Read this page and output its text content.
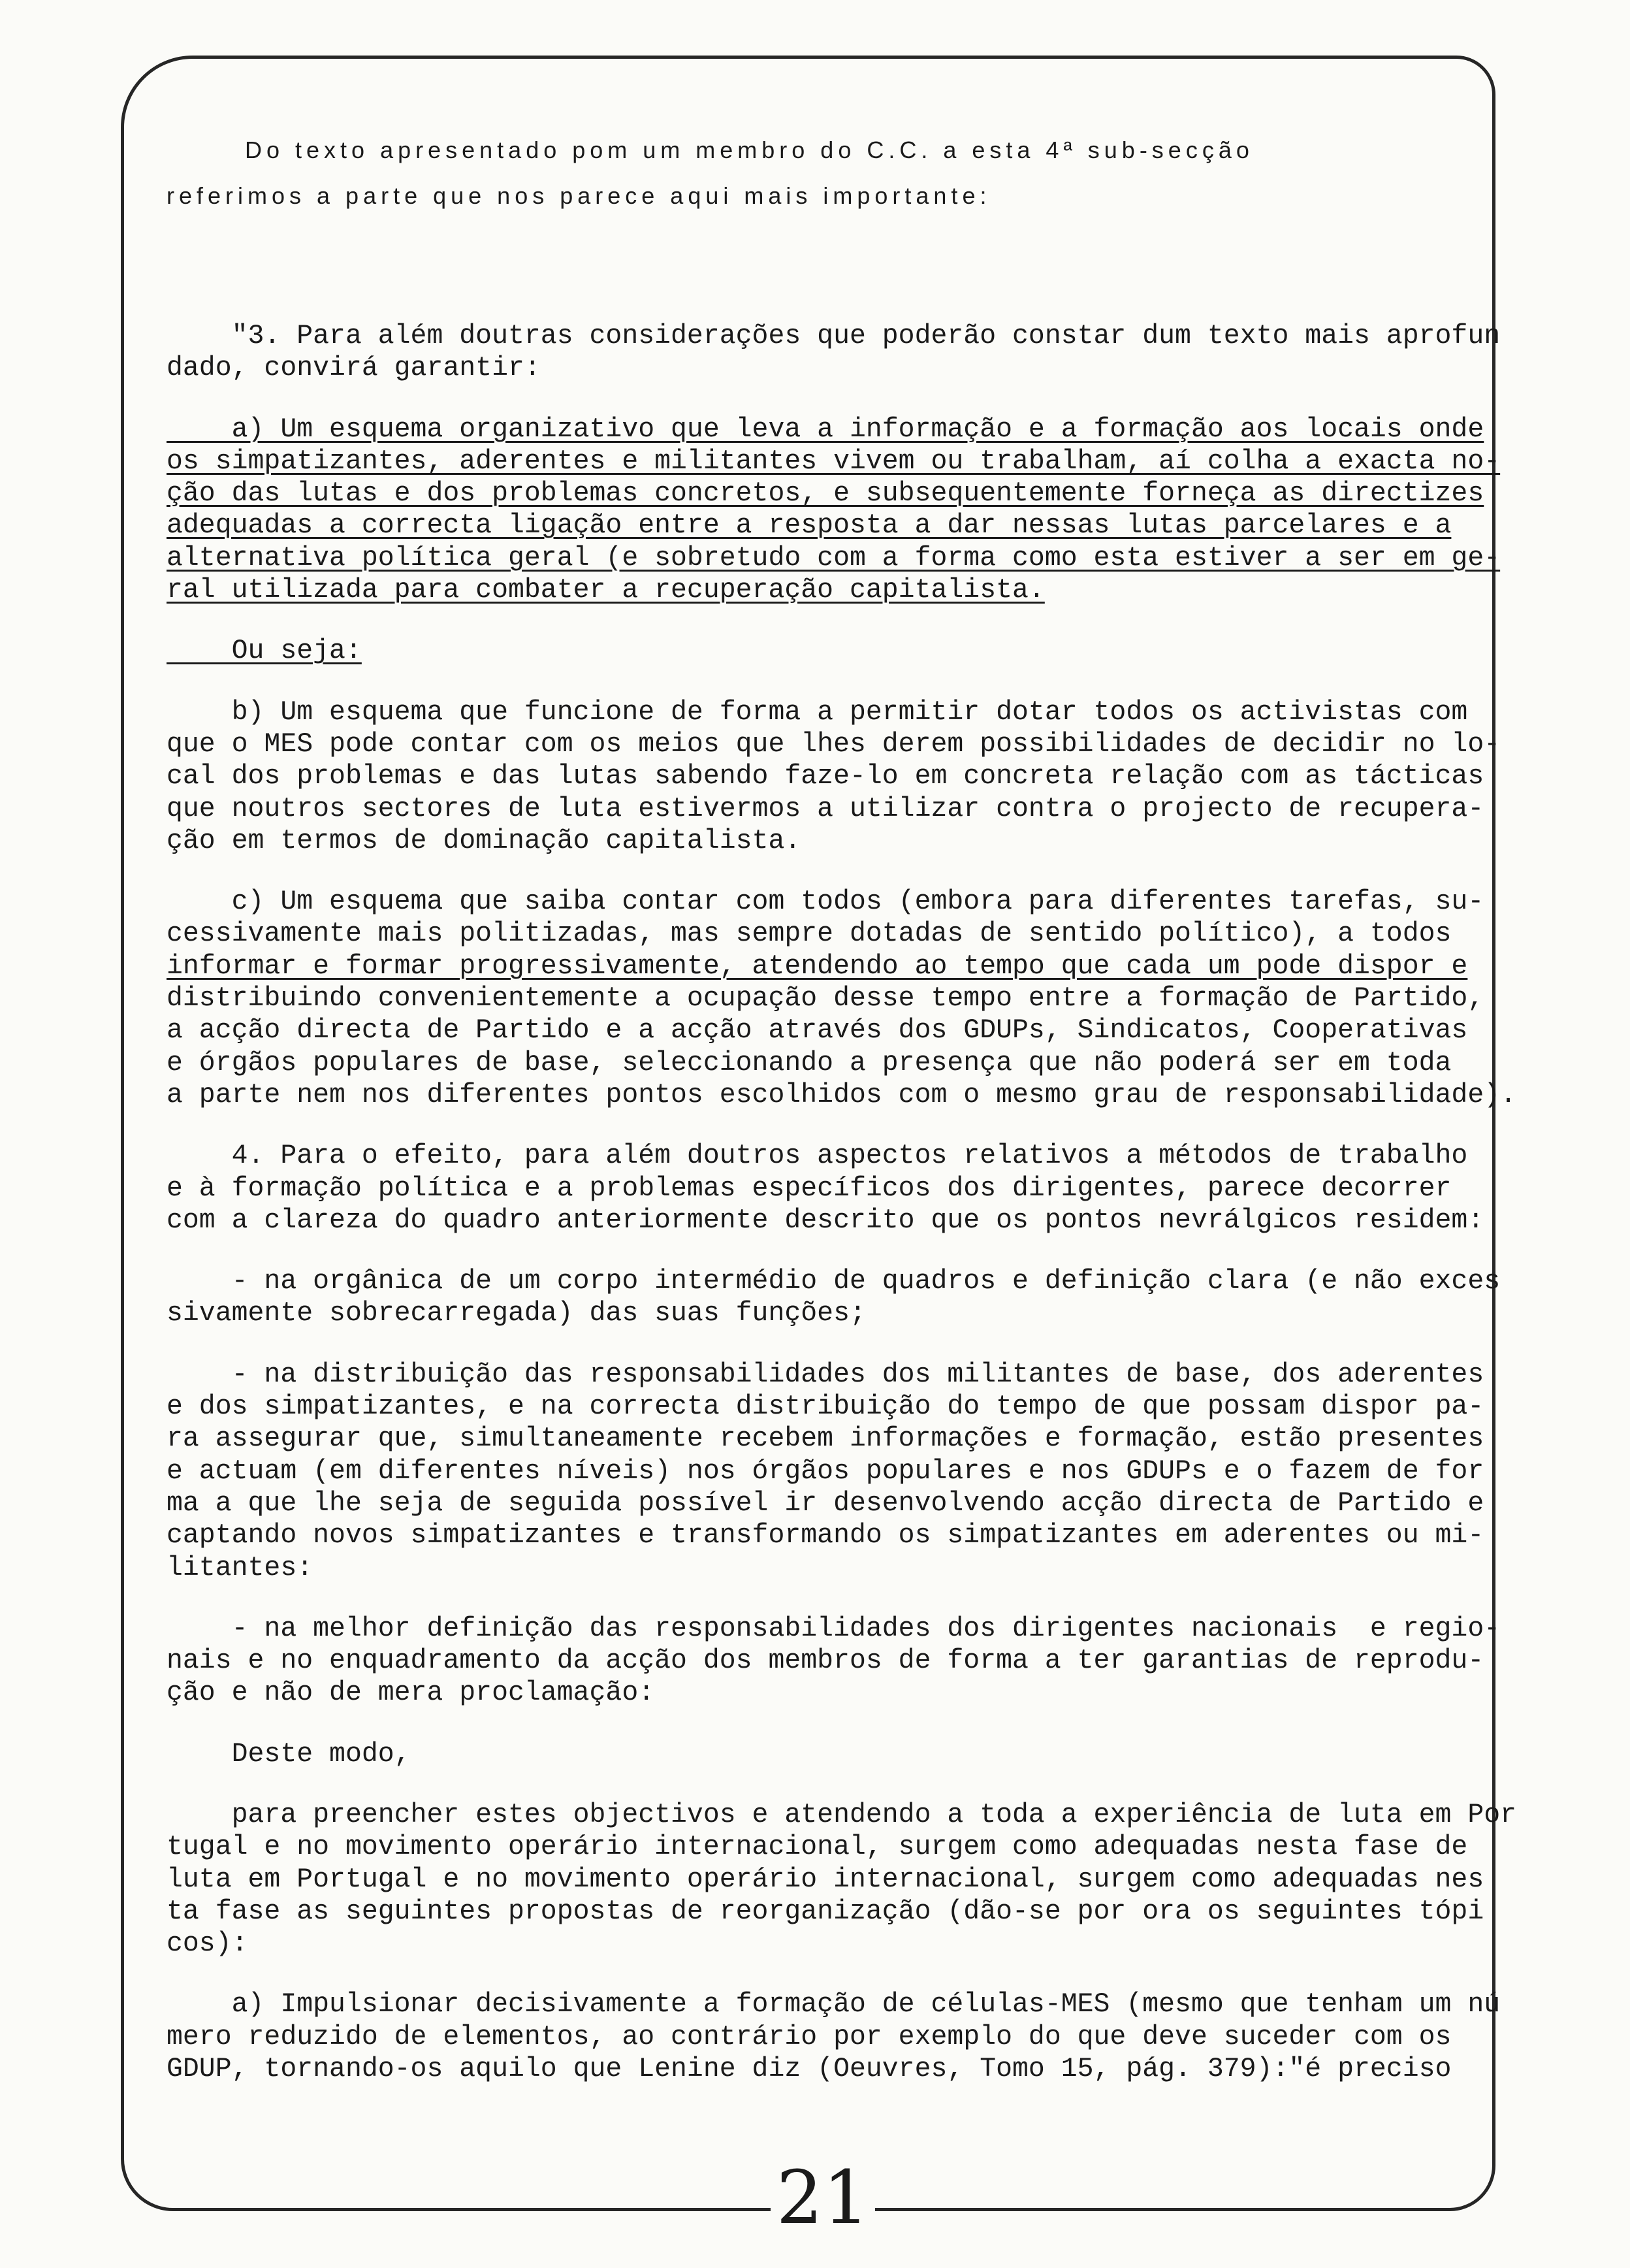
Do texto apresentado pom um membro do C.C. a esta 4ª sub-secção

referimos a parte que nos parece aqui mais importante:

"3. Para além doutras considerações que poderão constar dum texto mais aprofun
dado, convirá garantir:
a) Um esquema organizativo que leva a informação e a formação aos locais onde
os simpatizantes, aderentes e militantes vivem ou trabalham, aí colha a exacta no-
ção das lutas e dos problemas concretos, e subsequentemente forneça as directizes
adequadas a correcta ligação entre a resposta a dar nessas lutas parcelares e a
alternativa política geral (e sobretudo com a forma como esta estiver a ser em ge-
ral utilizada para combater a recuperação capitalista.
Ou seja:
b) Um esquema que funcione de forma a permitir dotar todos os activistas com
que o MES pode contar com os meios que lhes derem possibilidades de decidir no lo-
cal dos problemas e das lutas sabendo faze-lo em concreta relação com as tácticas
que noutros sectores de luta estivermos a utilizar contra o projecto de recupera-
ção em termos de dominação capitalista.
c) Um esquema que saiba contar com todos (embora para diferentes tarefas, su-
cessivamente mais politizadas, mas sempre dotadas de sentido político), a todos
informar e formar progressivamente, atendendo ao tempo que cada um pode dispor e
distribuindo convenientemente a ocupação desse tempo entre a formação de Partido,
a acção directa de Partido e a acção através dos GDUPs, Sindicatos, Cooperativas
e órgãos populares de base, seleccionando a presença que não poderá ser em toda
a parte nem nos diferentes pontos escolhidos com o mesmo grau de responsabilidade).
4. Para o efeito, para além doutros aspectos relativos a métodos de trabalho
e à formação política e a problemas específicos dos dirigentes, parece decorrer
com a clareza do quadro anteriormente descrito que os pontos nevrálgicos residem:
- na orgânica de um corpo intermédio de quadros e definição clara (e não exces
sivamente sobrecarregada) das suas funções;
- na distribuição das responsabilidades dos militantes de base, dos aderentes
e dos simpatizantes, e na correcta distribuição do tempo de que possam dispor pa-
ra assegurar que, simultaneamente recebem informações e formação, estão presentes
e actuam (em diferentes níveis) nos órgãos populares e nos GDUPs e o fazem de for
ma a que lhe seja de seguida possível ir desenvolvendo acção directa de Partido e
captando novos simpatizantes e transformando os simpatizantes em aderentes ou mi-
litantes:
- na melhor definição das responsabilidades dos dirigentes nacionais  e regio-
nais e no enquadramento da acção dos membros de forma a ter garantias de reprodu-
ção e não de mera proclamação:
Deste modo,
para preencher estes objectivos e atendendo a toda a experiência de luta em Por
tugal e no movimento operário internacional, surgem como adequadas nesta fase de
luta em Portugal e no movimento operário internacional, surgem como adequadas nes
ta fase as seguintes propostas de reorganização (dão-se por ora os seguintes tópi
cos):
a) Impulsionar decisivamente a formação de células-MES (mesmo que tenham um nú
mero reduzido de elementos, ao contrário por exemplo do que deve suceder com os
GDUP, tornando-os aquilo que Lenine diz (Oeuvres, Tomo 15, pág. 379):"é preciso
21
